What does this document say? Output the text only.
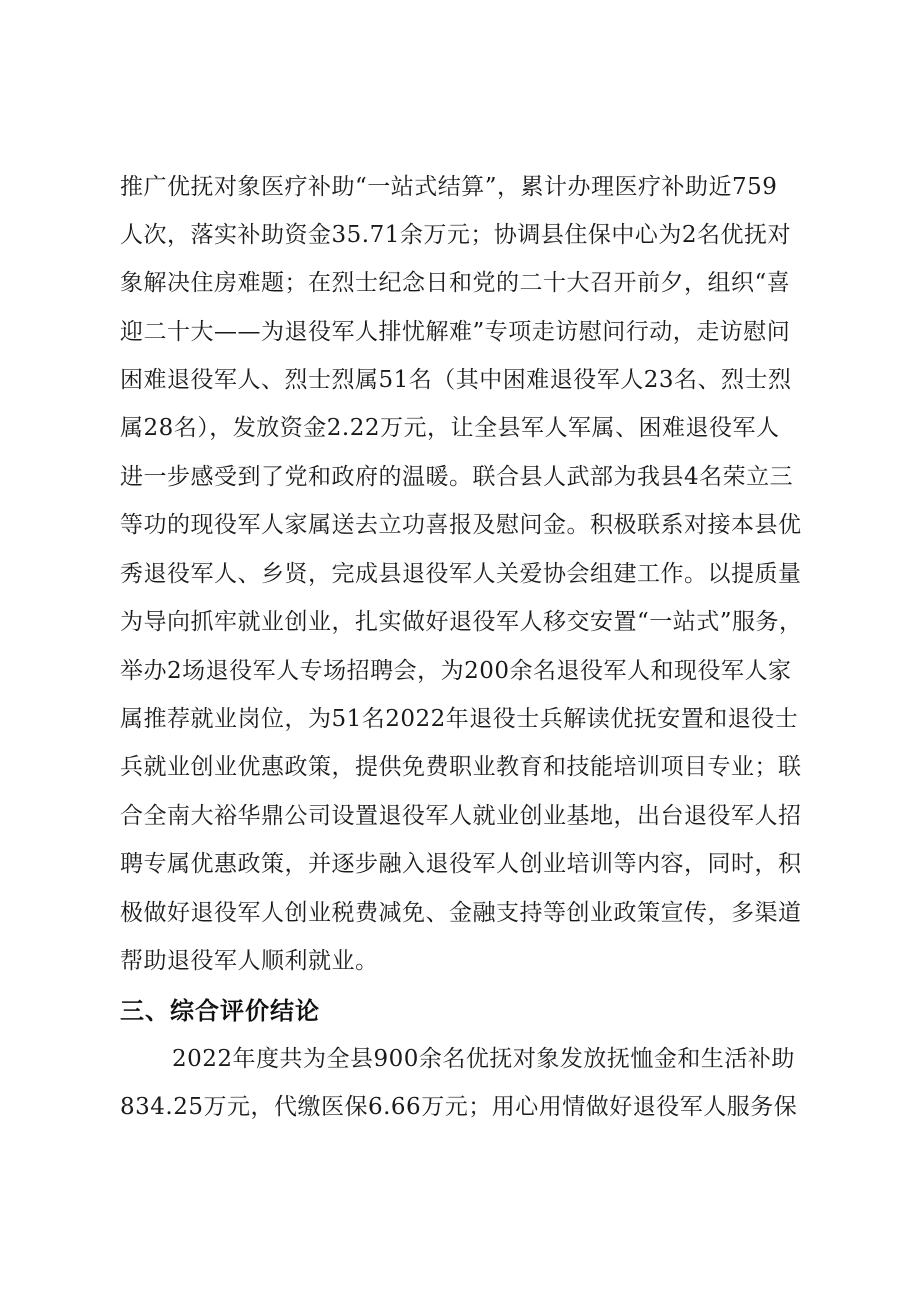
推广优抚对象医疗补助“一站式结算”，累计办理医疗补助近759
人次，落实补助资金35.71余万元；协调县住保中心为2名优抚对
象解决住房难题；在烈士纪念日和党的二十大召开前夕，组织“喜
迎二十大——为退役军人排忧解难”专项走访慰问行动，走访慰问
困难退役军人、烈士烈属51名（其中困难退役军人23名、烈士烈
属28名），发放资金2.22万元，让全县军人军属、困难退役军人
进一步感受到了党和政府的温暖。联合县人武部为我县4名荣立三
等功的现役军人家属送去立功喜报及慰问金。积极联系对接本县优
秀退役军人、乡贤，完成县退役军人关爱协会组建工作。以提质量
为导向抓牢就业创业，扎实做好退役军人移交安置“一站式”服务，
举办2场退役军人专场招聘会，为200余名退役军人和现役军人家
属推荐就业岗位，为51名2022年退役士兵解读优抚安置和退役士
兵就业创业优惠政策，提供免费职业教育和技能培训项目专业；联
合全南大裕华鼎公司设置退役军人就业创业基地，出台退役军人招
聘专属优惠政策，并逐步融入退役军人创业培训等内容，同时，积
极做好退役军人创业税费减免、金融支持等创业政策宣传，多渠道
帮助退役军人顺利就业。
三、综合评价结论
2022年度共为全县900余名优抚对象发放抚恤金和生活补助
834.25万元，代缴医保6.66万元；用心用情做好退役军人服务保
